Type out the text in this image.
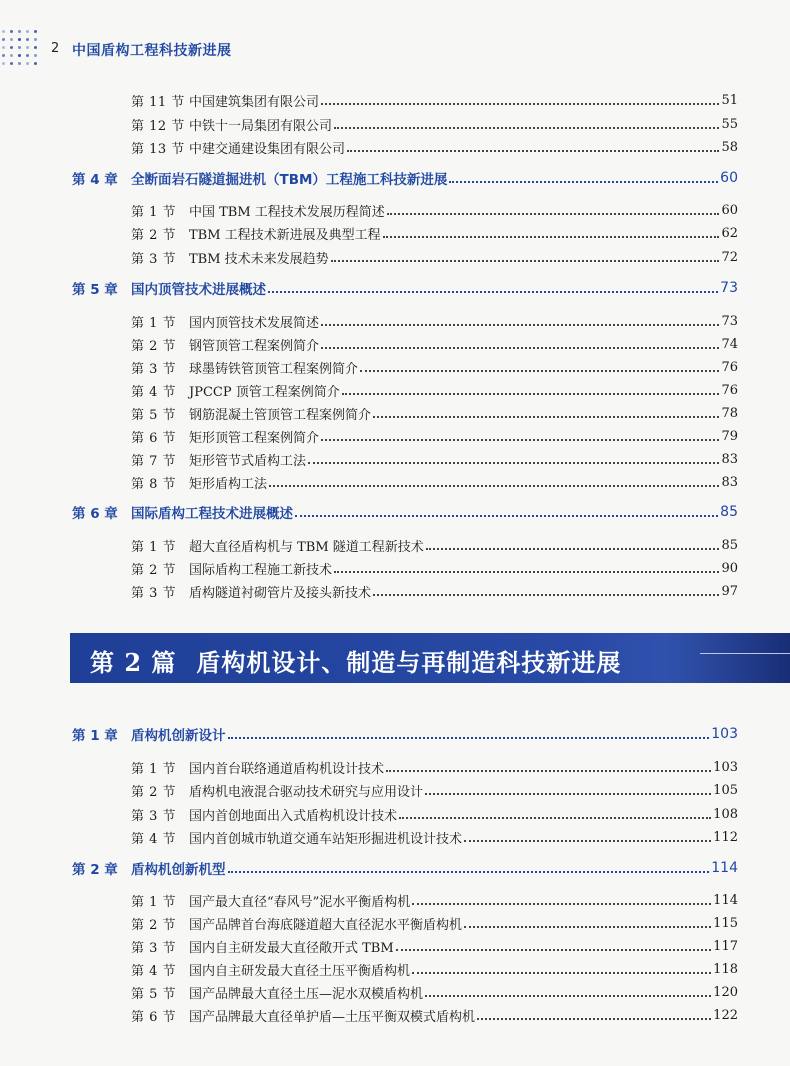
2 中国盾构工程科技新进展
第 11 节 中国建筑集团有限公司	51
第 12 节 中铁十一局集团有限公司	55
第 13 节 中建交通建设集团有限公司	58
第 4 章 全断面岩石隧道掘进机（TBM）工程施工科技新进展	60
第 1 节 中国 TBM 工程技术发展历程简述	60
第 2 节 TBM 工程技术新进展及典型工程	62
第 3 节 TBM 技术未来发展趋势	72
第 5 章 国内顶管技术进展概述	73
第 1 节 国内顶管技术发展简述	73
第 2 节 钢管顶管工程案例简介	74
第 3 节 球墨铸铁管顶管工程案例简介	76
第 4 节 JPCCP 顶管工程案例简介	76
第 5 节 钢筋混凝土管顶管工程案例简介	78
第 6 节 矩形顶管工程案例简介	79
第 7 节 矩形管节式盾构工法	83
第 8 节 矩形盾构工法	83
第 6 章 国际盾构工程技术进展概述	85
第 1 节 超大直径盾构机与 TBM 隧道工程新技术	85
第 2 节 国际盾构工程施工新技术	90
第 3 节 盾构隧道衬砌管片及接头新技术	97
第 1 章 盾构机创新设计	103
第 1 节 国内首台联络通道盾构机设计技术	103
第 2 节 盾构机电液混合驱动技术研究与应用设计	105
第 3 节 国内首创地面出入式盾构机设计技术	108
第 4 节 国内首创城市轨道交通车站矩形掘进机设计技术	112
第 2 章 盾构机创新机型	114
第 1 节 国产最大直径“春风号”泥水平衡盾构机	114
第 2 节 国产品牌首台海底隧道超大直径泥水平衡盾构机	115
第 3 节 国内自主研发最大直径敞开式 TBM	117
第 4 节 国内自主研发最大直径土压平衡盾构机	118
第 5 节 国产品牌最大直径土压—泥水双模盾构机	120
第 6 节 国产品牌最大直径单护盾—土压平衡双模式盾构机	122
第 2 篇 盾构机设计、制造与再制造科技新进展
